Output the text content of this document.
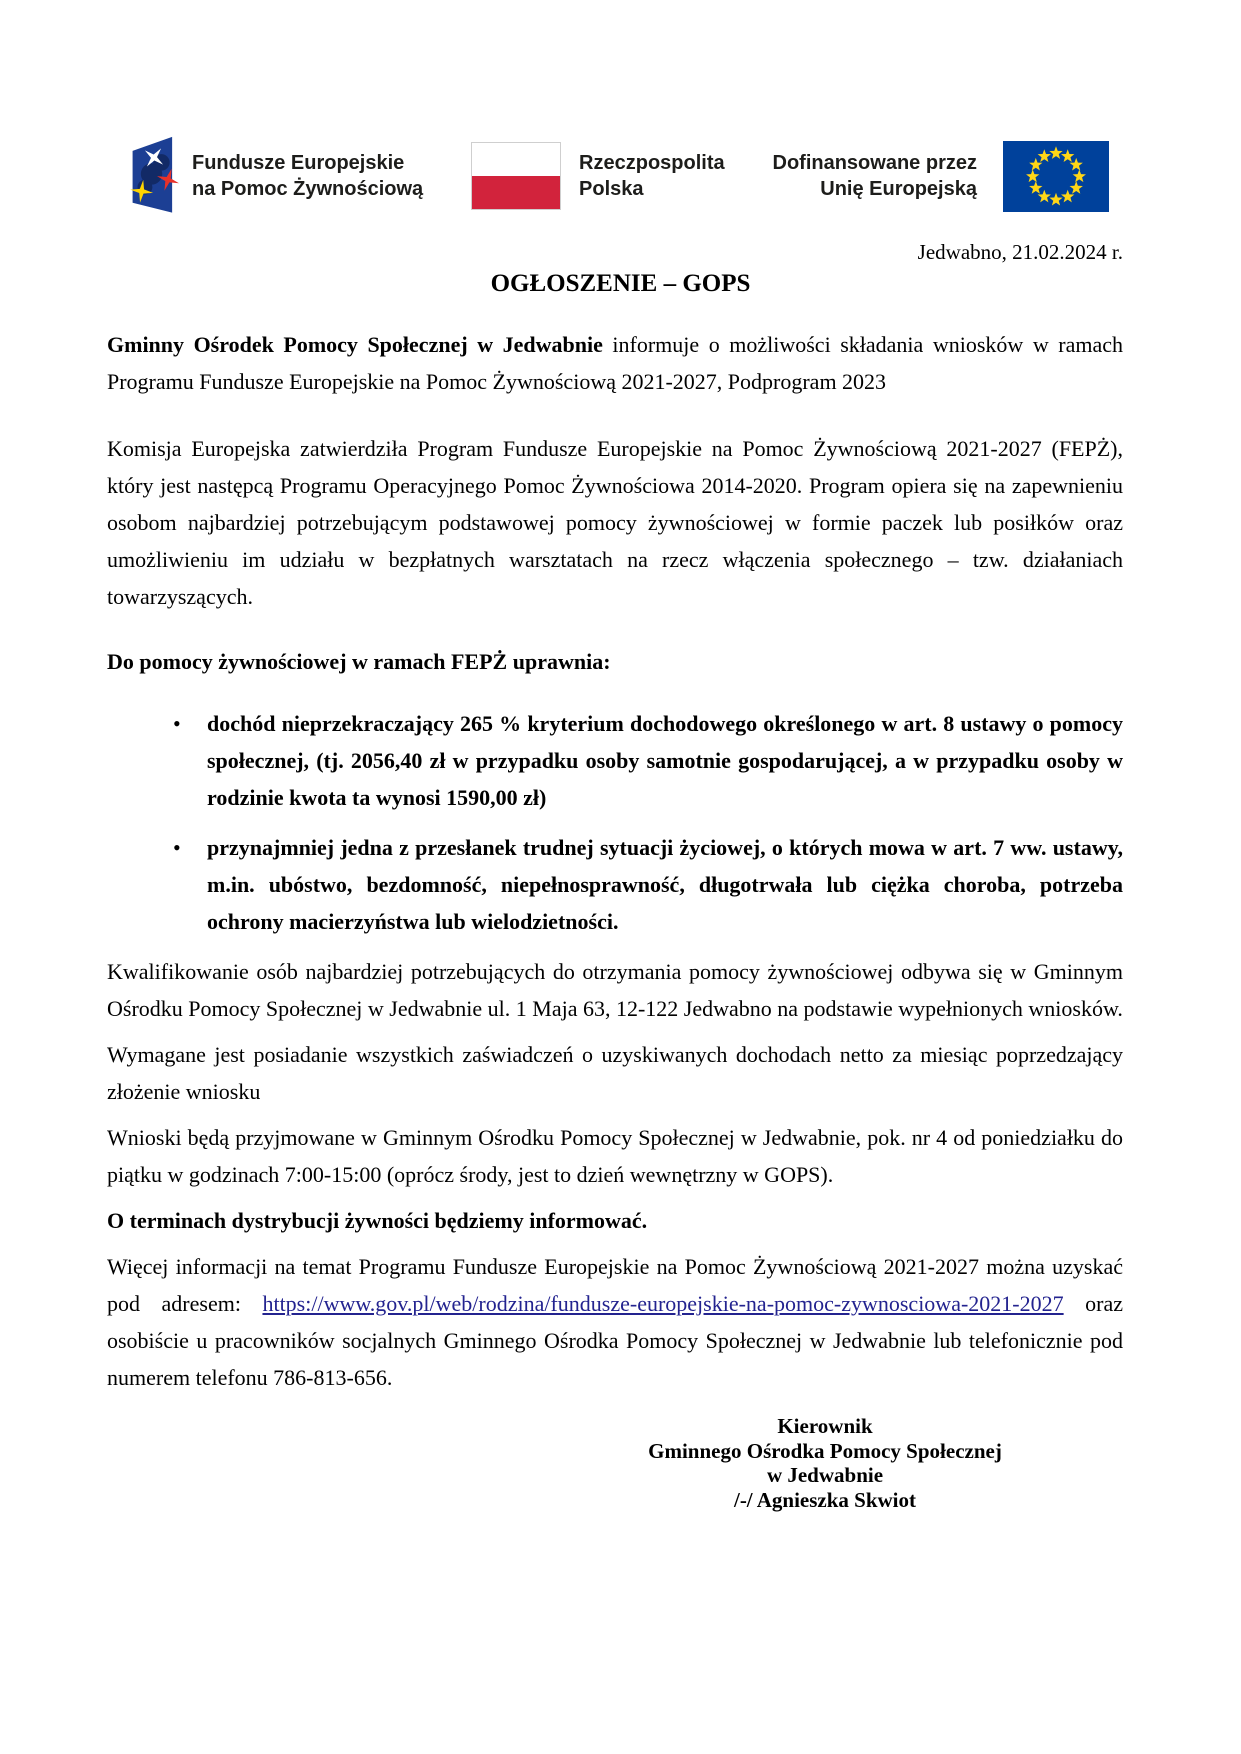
Fundusze Europejskie
na Pomoc Żywnościową
Rzeczpospolita
Polska
Dofinansowane przez
Unię Europejską
Jedwabno, 21.02.2024 r.
OGŁOSZENIE – GOPS

Gminny Ośrodek Pomocy Społecznej w Jedwabnie informuje o możliwości składania wniosków w ramach Programu Fundusze Europejskie na Pomoc Żywnościową 2021-2027, Podprogram 2023

Komisja Europejska zatwierdziła Program Fundusze Europejskie na Pomoc Żywnościową 2021-2027 (FEPŻ), który jest następcą Programu Operacyjnego Pomoc Żywnościowa 2014-2020. Program opiera się na zapewnieniu osobom najbardziej potrzebującym podstawowej pomocy żywnościowej w formie paczek lub posiłków oraz umożliwieniu im udziału w bezpłatnych warsztatach na rzecz włączenia społecznego – tzw. działaniach towarzyszących.

Do pomocy żywnościowej w ramach FEPŻ uprawnia:

• dochód nieprzekraczający 265 % kryterium dochodowego określonego w art. 8 ustawy o pomocy społecznej, (tj. 2056,40 zł w przypadku osoby samotnie gospodarującej, a w przypadku osoby w rodzinie kwota ta wynosi 1590,00 zł)
• przynajmniej jedna z przesłanek trudnej sytuacji życiowej, o których mowa w art. 7 ww. ustawy, m.in. ubóstwo, bezdomność, niepełnosprawność, długotrwała lub ciężka choroba, potrzeba ochrony macierzyństwa lub wielodzietności.

Kwalifikowanie osób najbardziej potrzebujących do otrzymania pomocy żywnościowej odbywa się w Gminnym Ośrodku Pomocy Społecznej w Jedwabnie ul. 1 Maja 63, 12-122 Jedwabno na podstawie wypełnionych wniosków.

Wymagane jest posiadanie wszystkich zaświadczeń o uzyskiwanych dochodach netto za miesiąc poprzedzający złożenie wniosku

Wnioski będą przyjmowane w Gminnym Ośrodku Pomocy Społecznej w Jedwabnie, pok. nr 4 od poniedziałku do piątku w godzinach 7:00-15:00 (oprócz środy, jest to dzień wewnętrzny w GOPS).

O terminach dystrybucji żywności będziemy informować.

Więcej informacji na temat Programu Fundusze Europejskie na Pomoc Żywnościową 2021-2027 można uzyskać pod adresem: https://www.gov.pl/web/rodzina/fundusze-europejskie-na-pomoc-zywnosciowa-2021-2027 oraz osobiście u pracowników socjalnych Gminnego Ośrodka Pomocy Społecznej w Jedwabnie lub telefonicznie pod numerem telefonu 786-813-656.

Kierownik
Gminnego Ośrodka Pomocy Społecznej
w Jedwabnie
/-/ Agnieszka Skwiot
